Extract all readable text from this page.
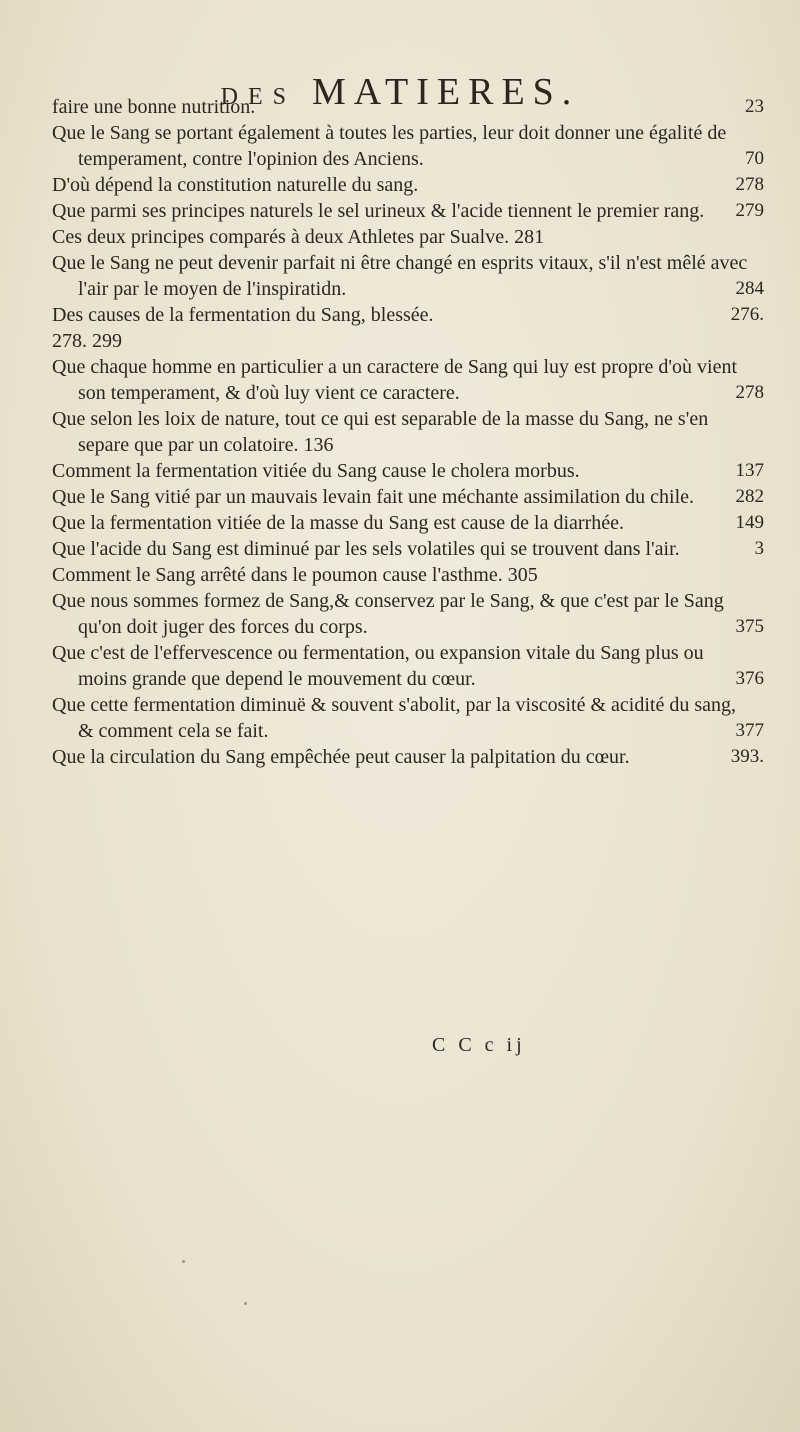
DES MATIERES.
faire une bonne nutrition.	23
Que le Sang se portant également à toutes les parties, leur doit donner une égalité de temperament, contre l'opinion des Anciens.	70
D'où dépend la constitution naturelle du sang.	278
Que parmi ses principes naturels le sel urineux & l'acide tiennent le premier rang.	279
Ces deux principes comparés à deux Athletes par Sualve. 281
Que le Sang ne peut devenir parfait ni être changé en esprits vitaux, s'il n'est mêlé avec l'air par le moyen de l'inspiratidn.	284
Des causes de la fermentation du Sang, blessée.	276.
278. 299
Que chaque homme en particulier a un caractere de Sang qui luy est propre d'où vient son temperament, & d'où luy vient ce caractere.	278
Que selon les loix de nature, tout ce qui est separable de la masse du Sang, ne s'en separe que par un colatoire. 136
Comment la fermentation vitiée du Sang cause le cholera morbus.	137
Que le Sang vitié par un mauvais levain fait une méchante assimilation du chile.	282
Que la fermentation vitiée de la masse du Sang est cause de la diarrhée.	149
Que l'acide du Sang est diminué par les sels volatiles qui se trouvent dans l'air.	3
Comment le Sang arrêté dans le poumon cause l'asthme. 305
Que nous sommes formez de Sang,& conservez par le Sang, & que c'est par le Sang qu'on doit juger des forces du corps.	375
Que c'est de l'effervescence ou fermentation, ou expansion vitale du Sang plus ou moins grande que depend le mouvement du cœur.	376
Que cette fermentation diminuë & souvent s'abolit, par la viscosité & acidité du sang, & comment cela se fait.	377
Que la circulation du Sang empêchée peut causer la palpitation du cœur.	393.
C C c ij
